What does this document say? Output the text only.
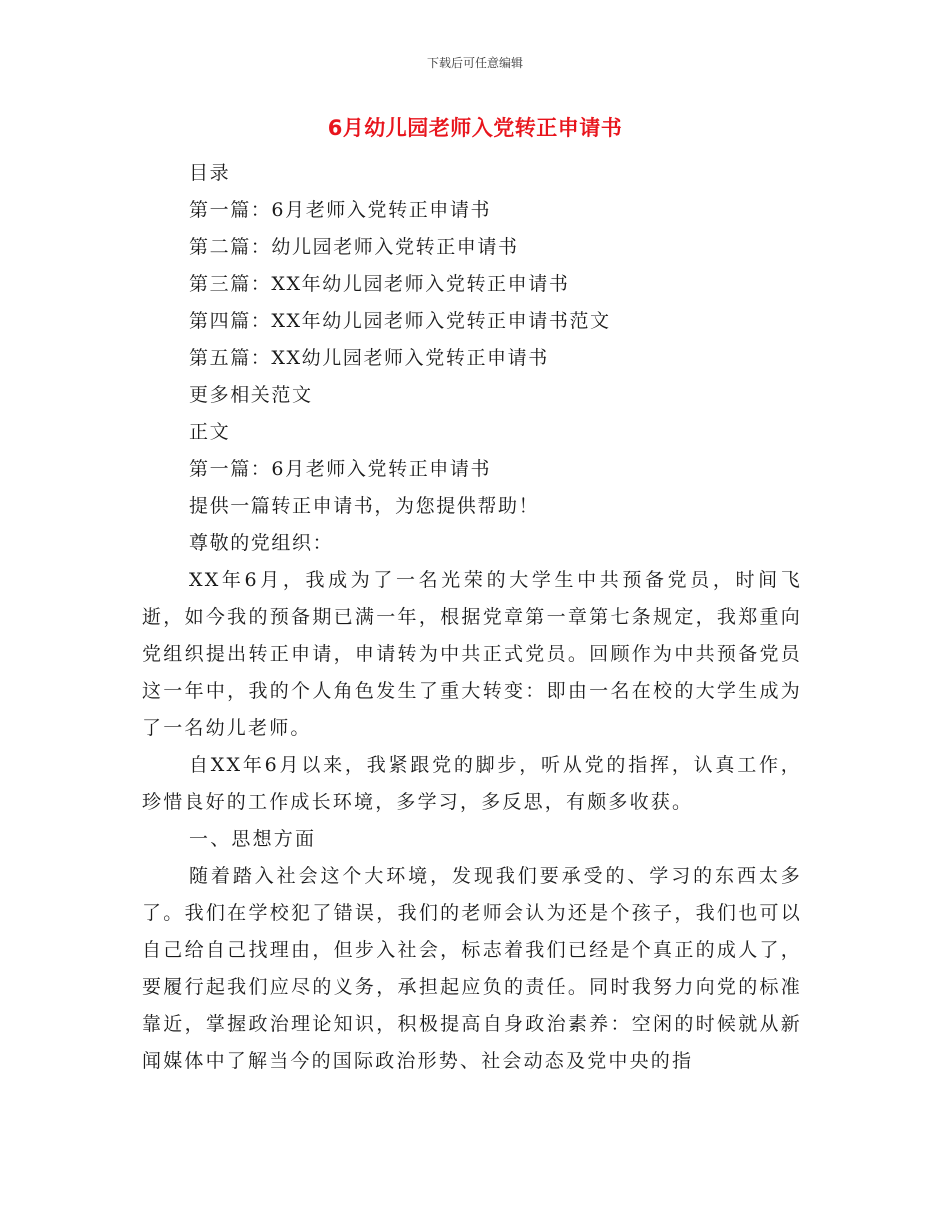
下载后可任意编辑
6月幼儿园老师入党转正申请书
目录
第一篇：6月老师入党转正申请书
第二篇：幼儿园老师入党转正申请书
第三篇：XX年幼儿园老师入党转正申请书
第四篇：XX年幼儿园老师入党转正申请书范文
第五篇：XX幼儿园老师入党转正申请书
更多相关范文
正文
第一篇：6月老师入党转正申请书
提供一篇转正申请书，为您提供帮助！
尊敬的党组织：
XX年6月，我成为了一名光荣的大学生中共预备党员，时间飞逝，如今我的预备期已满一年，根据党章第一章第七条规定，我郑重向党组织提出转正申请，申请转为中共正式党员。回顾作为中共预备党员这一年中，我的个人角色发生了重大转变：即由一名在校的大学生成为了一名幼儿老师。
自XX年6月以来，我紧跟党的脚步，听从党的指挥，认真工作，珍惜良好的工作成长环境，多学习，多反思，有颇多收获。
一、思想方面
随着踏入社会这个大环境，发现我们要承受的、学习的东西太多了。我们在学校犯了错误，我们的老师会认为还是个孩子，我们也可以自己给自己找理由，但步入社会，标志着我们已经是个真正的成人了，要履行起我们应尽的义务，承担起应负的责任。同时我努力向党的标准靠近，掌握政治理论知识，积极提高自身政治素养：空闲的时候就从新闻媒体中了解当今的国际政治形势、社会动态及党中央的指
